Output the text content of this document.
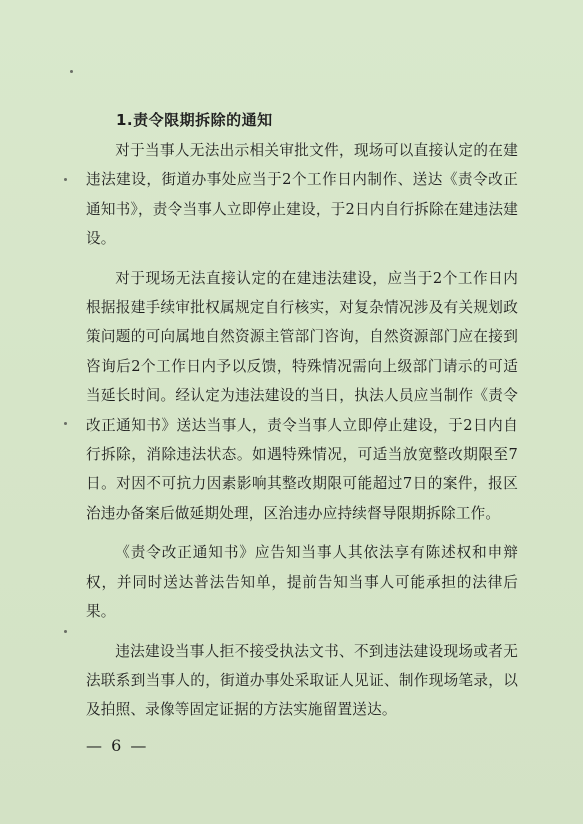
1.责令限期拆除的通知

对于当事人无法出示相关审批文件，现场可以直接认定的在建违法建设，街道办事处应当于2个工作日内制作、送达《责令改正通知书》，责令当事人立即停止建设，于2日内自行拆除在建违法建设。

对于现场无法直接认定的在建违法建设，应当于2个工作日内根据报建手续审批权属规定自行核实，对复杂情况涉及有关规划政策问题的可向属地自然资源主管部门咨询，自然资源部门应在接到咨询后2个工作日内予以反馈，特殊情况需向上级部门请示的可适当延长时间。经认定为违法建设的当日，执法人员应当制作《责令改正通知书》送达当事人，责令当事人立即停止建设，于2日内自行拆除，消除违法状态。如遇特殊情况，可适当放宽整改期限至7日。对因不可抗力因素影响其整改期限可能超过7日的案件，报区治违办备案后做延期处理，区治违办应持续督导限期拆除工作。

《责令改正通知书》应告知当事人其依法享有陈述权和申辩权，并同时送达普法告知单，提前告知当事人可能承担的法律后果。

违法建设当事人拒不接受执法文书、不到违法建设现场或者无法联系到当事人的，街道办事处采取证人见证、制作现场笔录，以及拍照、录像等固定证据的方法实施留置送达。

— 6 —
